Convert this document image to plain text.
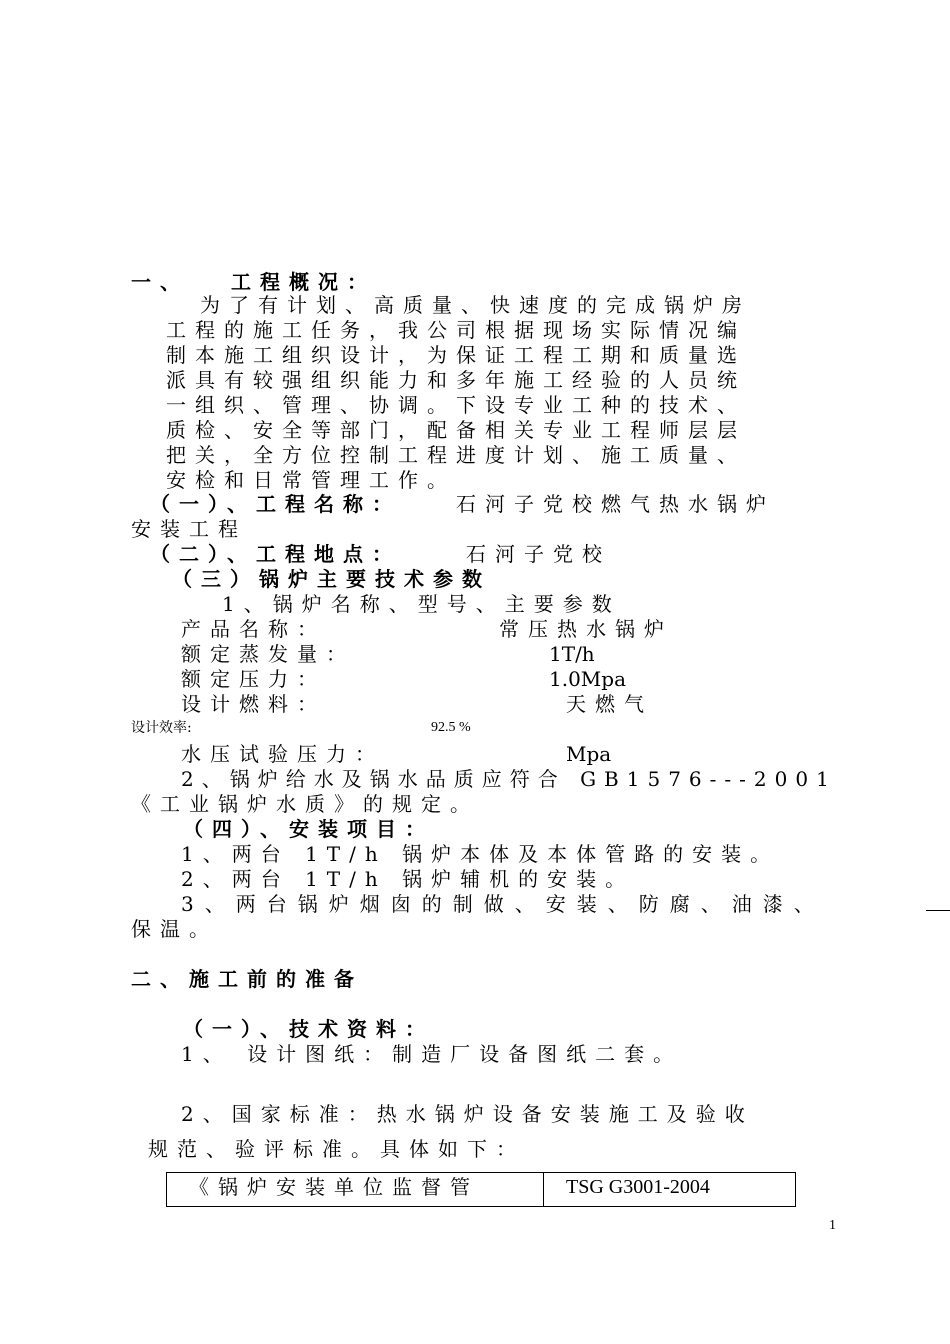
一、 工程概况：
为了有计划、高质量、快速度的完成锅炉房
工程的施工任务，我公司根据现场实际情况编
制本施工组织设计，为保证工程工期和质量选
派具有较强组织能力和多年施工经验的人员统
一组织、管理、协调。下设专业工种的技术、
质检、安全等部门，配备相关专业工程师层层
把关，全方位控制工程进度计划、施工质量、
安检和日常管理工作。
（一）、工程名称：	石河子党校燃气热水锅炉
安装工程
（二）、工程地点：	石河子党校
（三）锅炉主要技术参数
1、锅炉名称、型号、主要参数
产品名称：	常压热水锅炉
额定蒸发量：	1T/h
额定压力：	1.0Mpa
设计燃料：	天燃气
设计效率:	92.5 %
水压试验压力：	Mpa
2、锅炉给水及锅水品质应符合 GB1576---2001
《工业锅炉水质》的规定。
（四）、安装项目：
1、两台 1T/h 锅炉本体及本体管路的安装。
2、两台 1T/h 锅炉辅机的安装。
3、两台锅炉烟囱的制做、安装、防腐、油漆、
保温。
二、施工前的准备
（一）、技术资料：
1、 设计图纸：制造厂设备图纸二套。
2、国家标准：热水锅炉设备安装施工及验收
规范、验评标准。具体如下：
《锅炉安装单位监督管	TSG G3001-2004
1
